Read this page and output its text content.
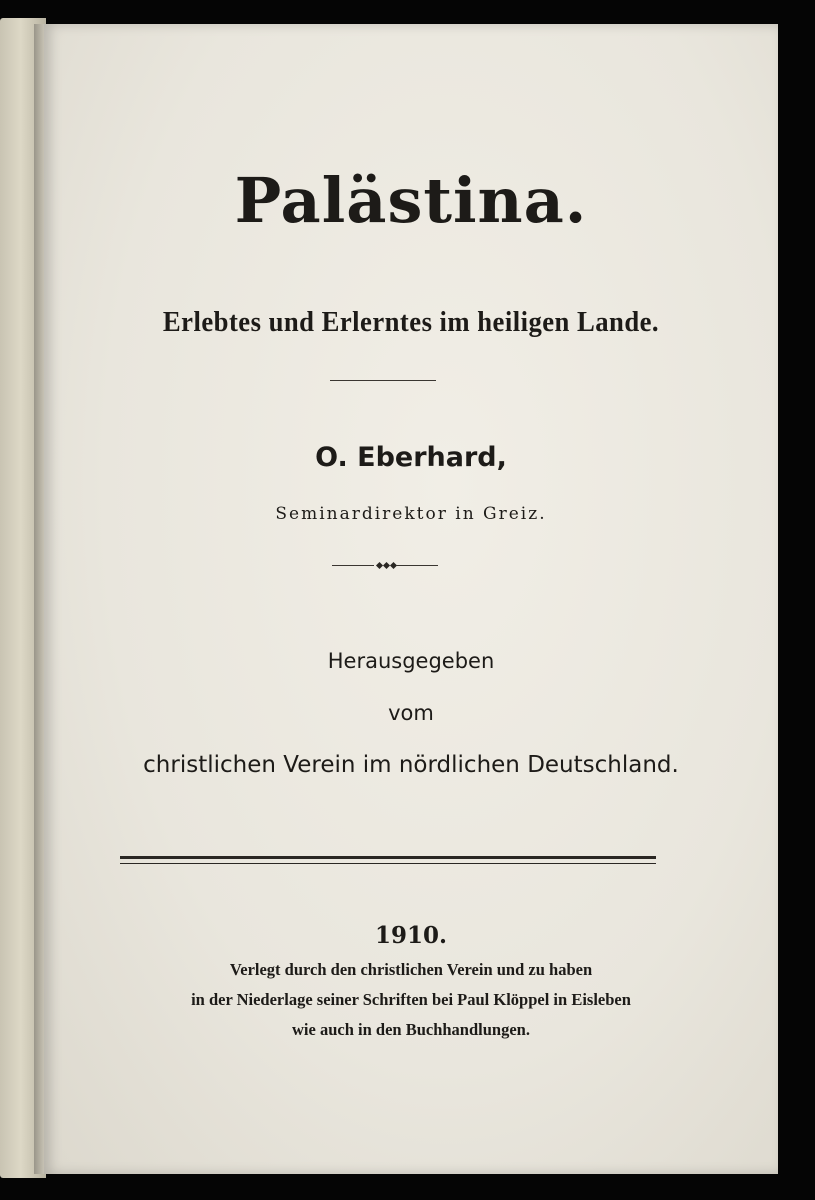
Palästina.
Erlebtes und Erlerntes im heiligen Lande.
O. Eberhard,
Seminardirektor in Greiz.
Herausgegeben
vom
christlichen Verein im nördlichen Deutschland.
1910.
Verlegt durch den christlichen Verein und zu haben
in der Niederlage seiner Schriften bei Paul Klöppel in Eisleben
wie auch in den Buchhandlungen.
